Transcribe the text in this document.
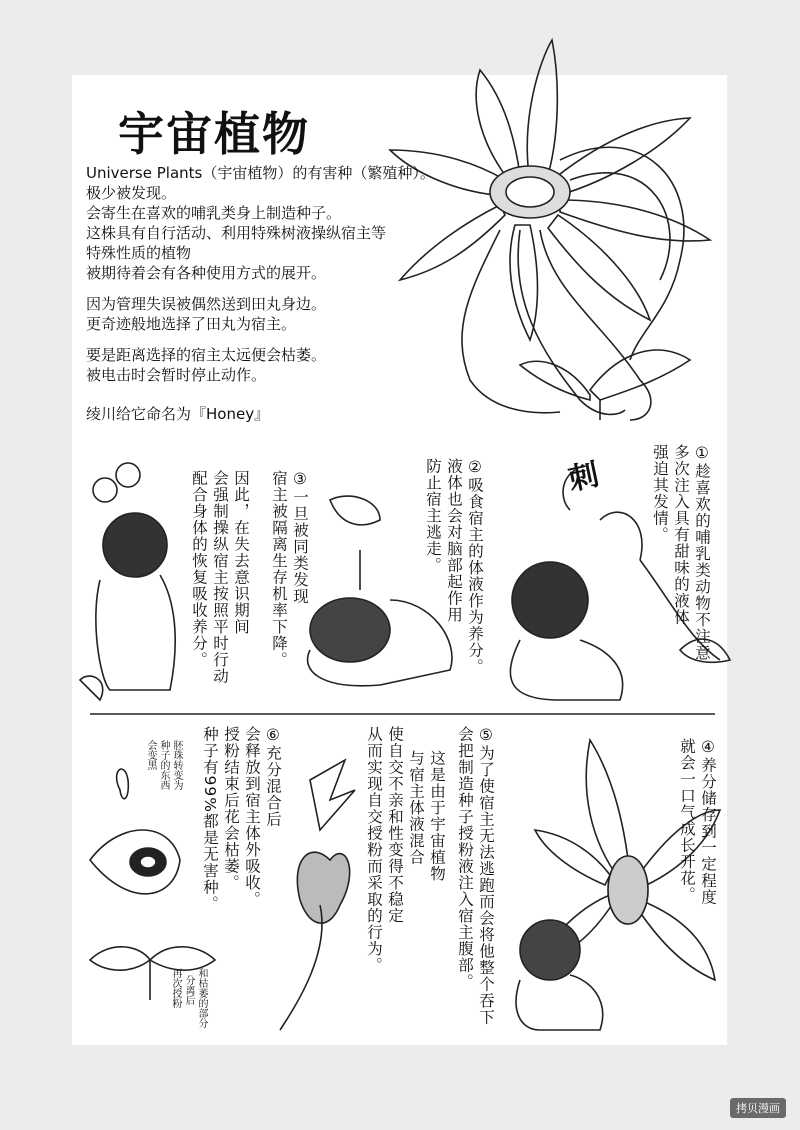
宇宙植物
Universe Plants（宇宙植物）的有害种（繁殖种）。
极少被发现。
会寄生在喜欢的哺乳类身上制造种子。
这株具有自行活动、利用特殊树液操纵宿主等
特殊性质的植物
被期待着会有各种使用方式的展开。
因为管理失误被偶然送到田丸身边。
更奇迹般地选择了田丸为宿主。
要是距离选择的宿主太远便会枯萎。
被电击时会暂时停止动作。
绫川给它命名为『Honey』
①趁喜欢的哺乳类动物不注意
多次注入具有甜味的液体
强迫其发情。
刺
②吸食宿主的体液作为养分。
液体也会对脑部起作用
防止宿主逃走。
③一旦被同类发现
宿主被隔离生存机率下降。
因此，在失去意识期间
会强制操纵宿主按照平时行动
配合身体的恢复吸收养分。
④养分储存到一定程度
就会一口气成长开花。
⑤为了使宿主无法逃跑而会将他整个吞下
会把制造种子授粉液注入宿主腹部。
这是由于宇宙植物
与宿主体液混合
使自交不亲和性变得不稳定
从而实现自交授粉而采取的行为。
⑥充分混合后
会释放到宿主体外吸收。
授粉结束后花会枯萎。
种子有99%都是无害种。
胚珠转变为
种子的东西
会变黑
和枯萎的部分
分离后
再次授粉
拷贝漫画
